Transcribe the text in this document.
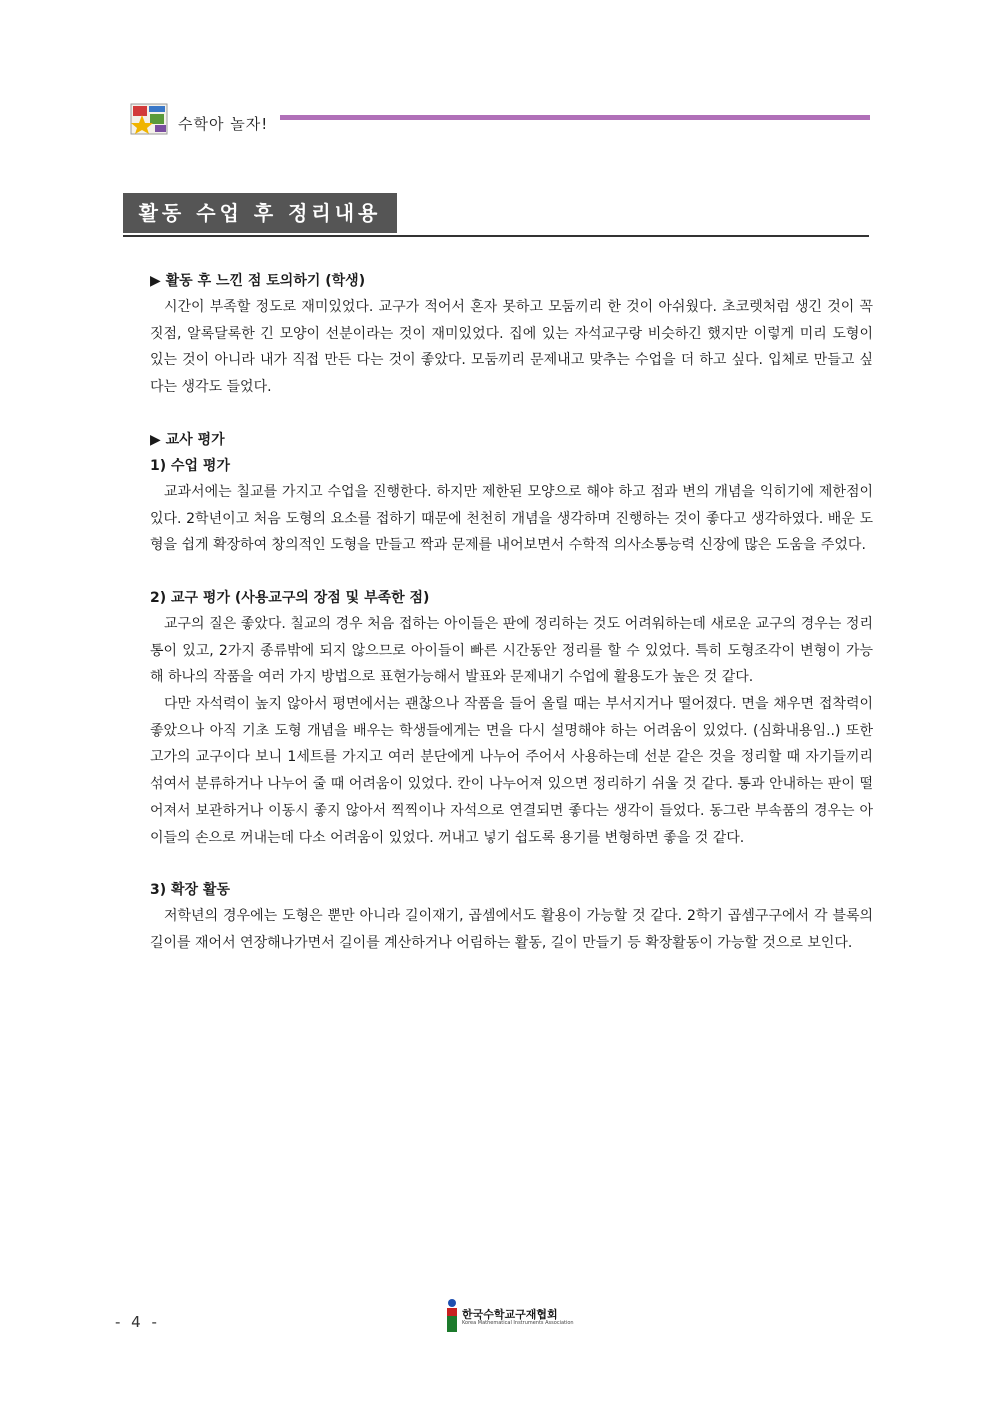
수학아 놀자!
활동 수업 후 정리내용
▶ 활동 후 느낀 점 토의하기 (학생)
시간이 부족할 정도로 재미있었다. 교구가 적어서 혼자 못하고 모둠끼리 한 것이 아쉬웠다. 초코렛처럼 생긴 것이 꼭짓점, 알록달록한 긴 모양이 선분이라는 것이 재미있었다. 집에 있는 자석교구랑 비슷하긴 했지만 이렇게 미리 도형이 있는 것이 아니라 내가 직접 만든 다는 것이 좋았다. 모둠끼리 문제내고 맞추는 수업을 더 하고 싶다. 입체로 만들고 싶다는 생각도 들었다.
▶ 교사 평가
1) 수업 평가
교과서에는 칠교를 가지고 수업을 진행한다. 하지만 제한된 모양으로 해야 하고 점과 변의 개념을 익히기에 제한점이 있다. 2학년이고 처음 도형의 요소를 접하기 때문에 천천히 개념을 생각하며 진행하는 것이 좋다고 생각하였다. 배운 도형을 쉽게 확장하여 창의적인 도형을 만들고 짝과 문제를 내어보면서 수학적 의사소통능력 신장에 많은 도움을 주었다.
2) 교구 평가 (사용교구의 장점 및 부족한 점)
교구의 질은 좋았다. 칠교의 경우 처음 접하는 아이들은 판에 정리하는 것도 어려워하는데 새로운 교구의 경우는 정리통이 있고, 2가지 종류밖에 되지 않으므로 아이들이 빠른 시간동안 정리를 할 수 있었다. 특히 도형조각이 변형이 가능해 하나의 작품을 여러 가지 방법으로 표현가능해서 발표와 문제내기 수업에 활용도가 높은 것 같다.
다만 자석력이 높지 않아서 평면에서는 괜찮으나 작품을 들어 올릴 때는 부서지거나 떨어졌다. 면을 채우면 접착력이 좋았으나 아직 기초 도형 개념을 배우는 학생들에게는 면을 다시 설명해야 하는 어려움이 있었다. (심화내용임..) 또한 고가의 교구이다 보니 1세트를 가지고 여러 분단에게 나누어 주어서 사용하는데 선분 같은 것을 정리할 때 자기들끼리 섞여서 분류하거나 나누어 줄 때 어려움이 있었다. 칸이 나누어져 있으면 정리하기 쉬울 것 같다. 통과 안내하는 판이 떨어져서 보관하거나 이동시 좋지 않아서 찍찍이나 자석으로 연결되면 좋다는 생각이 들었다. 동그란 부속품의 경우는 아이들의 손으로 꺼내는데 다소 어려움이 있었다. 꺼내고 넣기 쉽도록 용기를 변형하면 좋을 것 같다.
3) 확장 활동
저학년의 경우에는 도형은 뿐만 아니라 길이재기, 곱셈에서도 활용이 가능할 것 같다. 2학기 곱셈구구에서 각 블록의 길이를 재어서 연장해나가면서 길이를 계산하거나 어림하는 활동, 길이 만들기 등 확장활동이 가능할 것으로 보인다.
- 4 -	한국수학교구재협회
Korea Mathematical Instruments Association
